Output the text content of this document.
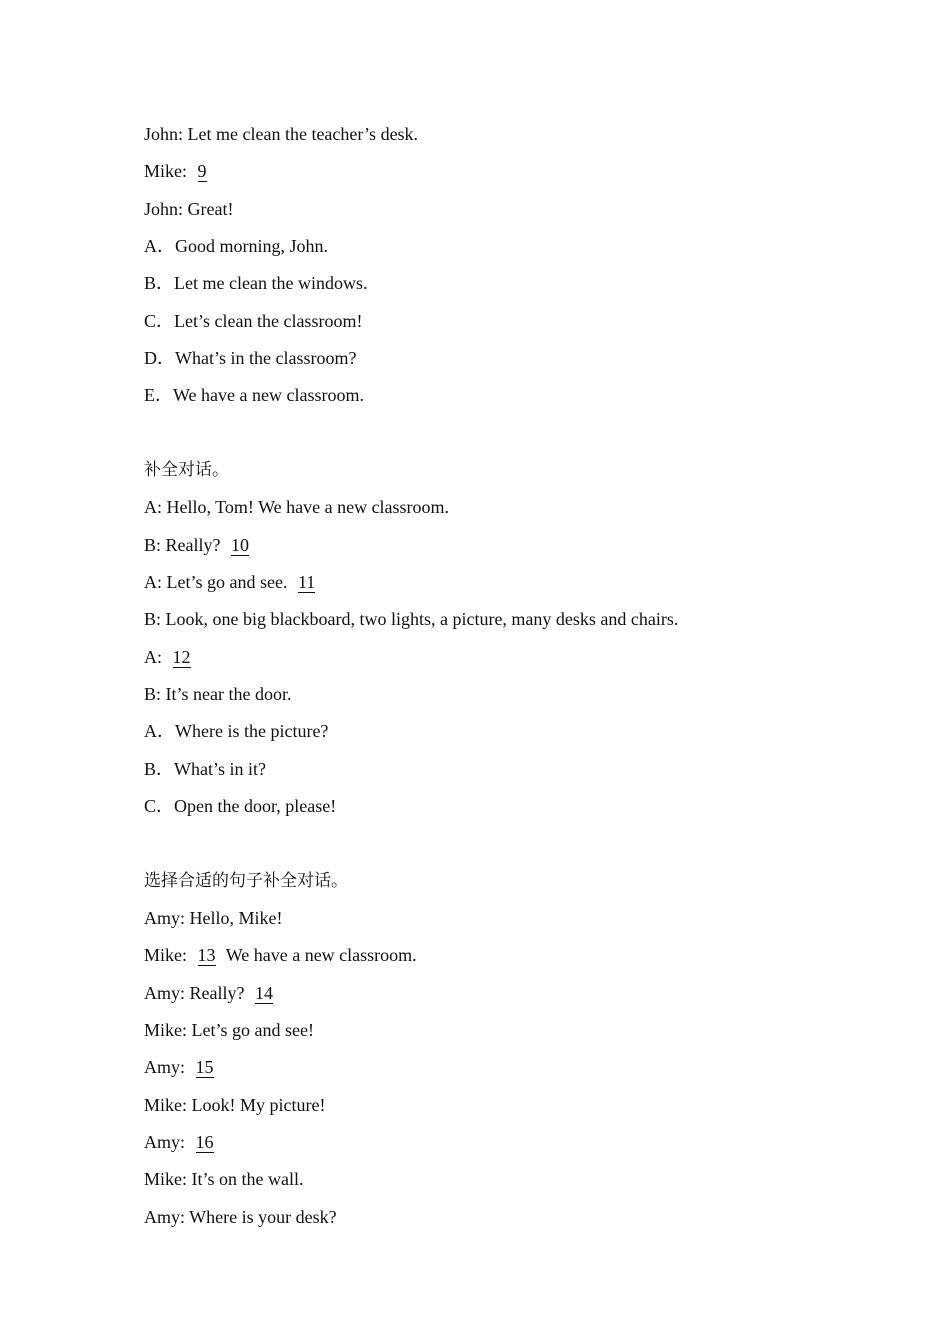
John: Let me clean the teacher’s desk.
Mike: 9
John: Great!
A．Good morning, John.
B．Let me clean the windows.
C．Let’s clean the classroom!
D．What’s in the classroom?
E．We have a new classroom.
补全对话。
A: Hello, Tom! We have a new classroom.
B: Really? 10
A: Let’s go and see. 11
B: Look, one big blackboard, two lights, a picture, many desks and chairs.
A: 12
B: It’s near the door.
A．Where is the picture?
B．What’s in it?
C．Open the door, please!
选择合适的句子补全对话。
Amy: Hello, Mike!
Mike: 13 We have a new classroom.
Amy: Really? 14
Mike: Let’s go and see!
Amy: 15
Mike: Look! My picture!
Amy: 16
Mike: It’s on the wall.
Amy: Where is your desk?
